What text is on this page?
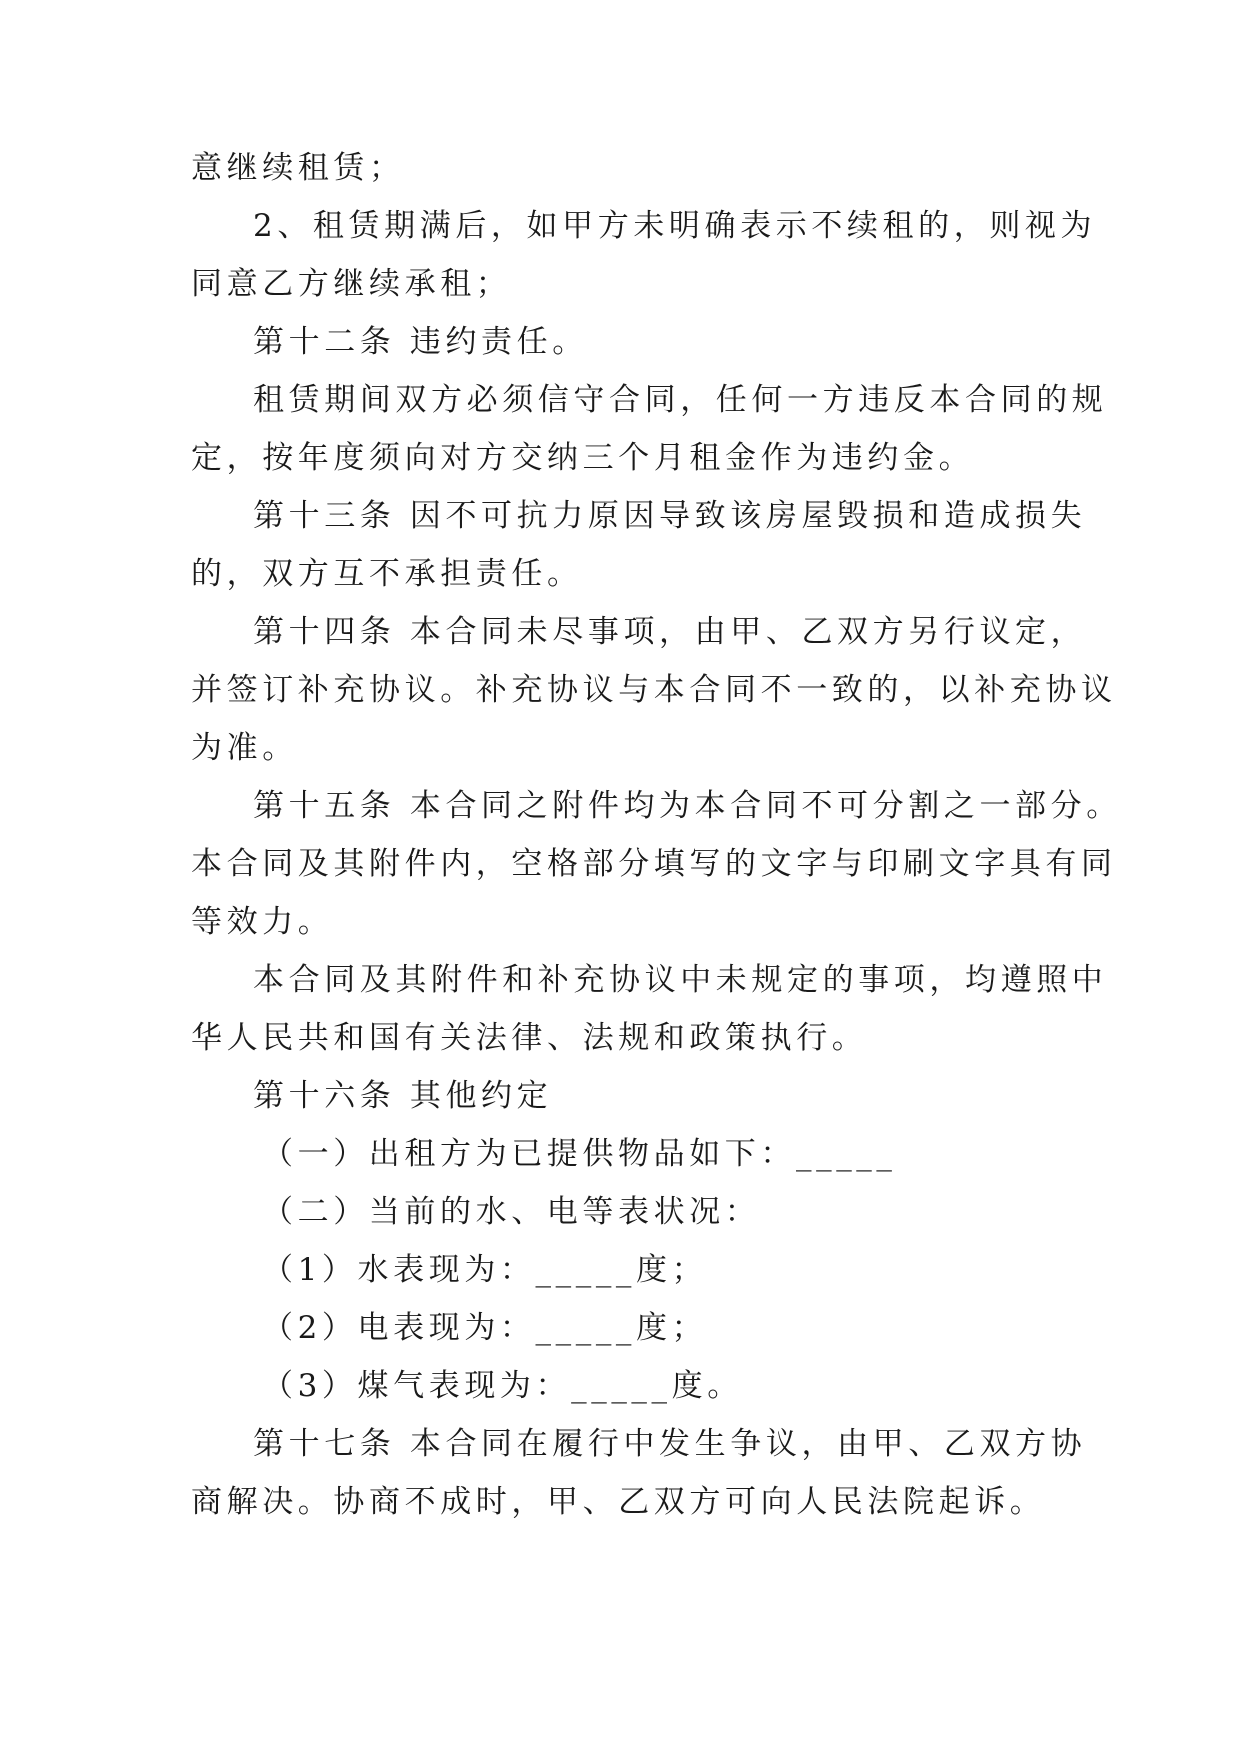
意继续租赁；
2、租赁期满后，如甲方未明确表示不续租的，则视为
同意乙方继续承租；
第十二条 违约责任。
租赁期间双方必须信守合同，任何一方违反本合同的规
定，按年度须向对方交纳三个月租金作为违约金。
第十三条 因不可抗力原因导致该房屋毁损和造成损失
的，双方互不承担责任。
第十四条 本合同未尽事项，由甲、乙双方另行议定，
并签订补充协议。补充协议与本合同不一致的，以补充协议
为准。
第十五条 本合同之附件均为本合同不可分割之一部分。
本合同及其附件内，空格部分填写的文字与印刷文字具有同
等效力。
本合同及其附件和补充协议中未规定的事项，均遵照中
华人民共和国有关法律、法规和政策执行。
第十六条 其他约定
（一）出租方为已提供物品如下：_____
（二）当前的水、电等表状况：
（1）水表现为：_____度；
（2）电表现为：_____度；
（3）煤气表现为：_____度。
第十七条 本合同在履行中发生争议，由甲、乙双方协
商解决。协商不成时，甲、乙双方可向人民法院起诉。
